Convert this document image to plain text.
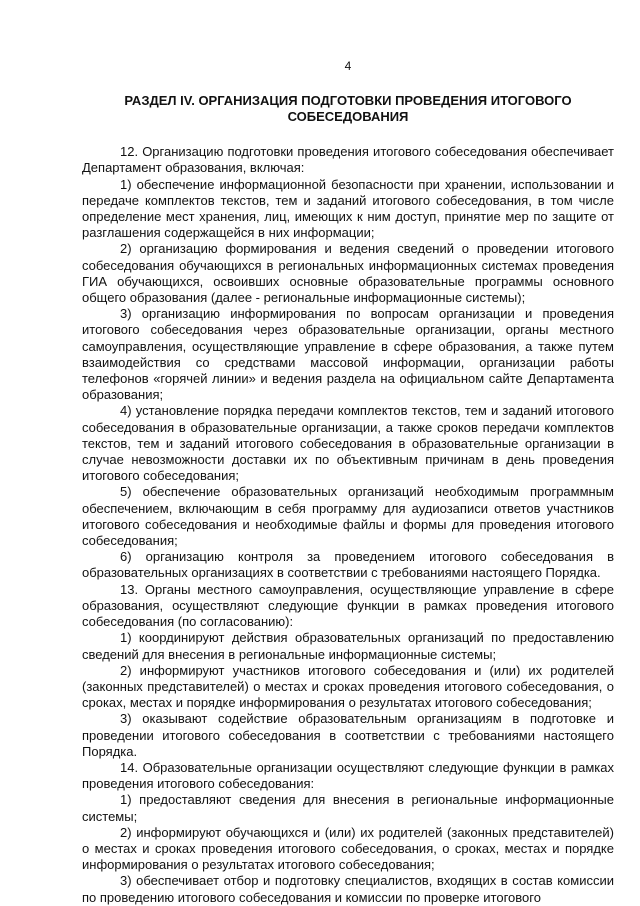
4
РАЗДЕЛ IV. ОРГАНИЗАЦИЯ ПОДГОТОВКИ ПРОВЕДЕНИЯ ИТОГОВОГО
СОБЕСЕДОВАНИЯ

12. Организацию подготовки проведения итогового собеседования обеспечивает Департамент образования, включая:

1) обеспечение информационной безопасности при хранении, использовании и передаче комплектов текстов, тем и заданий итогового собеседования, в том числе определение мест хранения, лиц, имеющих к ним доступ, принятие мер по защите от разглашения содержащейся в них информации;

2) организацию формирования и ведения сведений о проведении итогового собеседования обучающихся в региональных информационных системах проведения ГИА обучающихся, освоивших основные образовательные программы основного общего образования (далее - региональные информационные системы);

3) организацию информирования по вопросам организации и проведения итогового собеседования через образовательные организации, органы местного самоуправления, осуществляющие управление в сфере образования, а также путем взаимодействия со средствами массовой информации, организации работы телефонов «горячей линии» и ведения раздела на официальном сайте Департамента образования;

4) установление порядка передачи комплектов текстов, тем и заданий итогового собеседования в образовательные организации, а также сроков передачи комплектов текстов, тем и заданий итогового собеседования в образовательные организации в случае невозможности доставки их по объективным причинам в день проведения итогового собеседования;

5) обеспечение образовательных организаций необходимым программным обеспечением, включающим в себя программу для аудиозаписи ответов участников итогового собеседования и необходимые файлы и формы для проведения итогового собеседования;

6) организацию контроля за проведением итогового собеседования в образовательных организациях в соответствии с требованиями настоящего Порядка.

13. Органы местного самоуправления, осуществляющие управление в сфере образования, осуществляют следующие функции в рамках проведения итогового собеседования (по согласованию):

1) координируют действия образовательных организаций по предоставлению сведений для внесения в региональные информационные системы;

2) информируют участников итогового собеседования и (или) их родителей (законных представителей) о местах и сроках проведения итогового собеседования, о сроках, местах и порядке информирования о результатах итогового собеседования;

3) оказывают содействие образовательным организациям в подготовке и проведении итогового собеседования в соответствии с требованиями настоящего Порядка.

14. Образовательные организации осуществляют следующие функции в рамках проведения итогового собеседования:

1) предоставляют сведения для внесения в региональные информационные системы;

2) информируют обучающихся и (или) их родителей (законных представителей) о местах и сроках проведения итогового собеседования, о сроках, местах и порядке информирования о результатах итогового собеседования;

3) обеспечивает отбор и подготовку специалистов, входящих в состав комиссии по проведению итогового собеседования и комиссии по проверке итогового
